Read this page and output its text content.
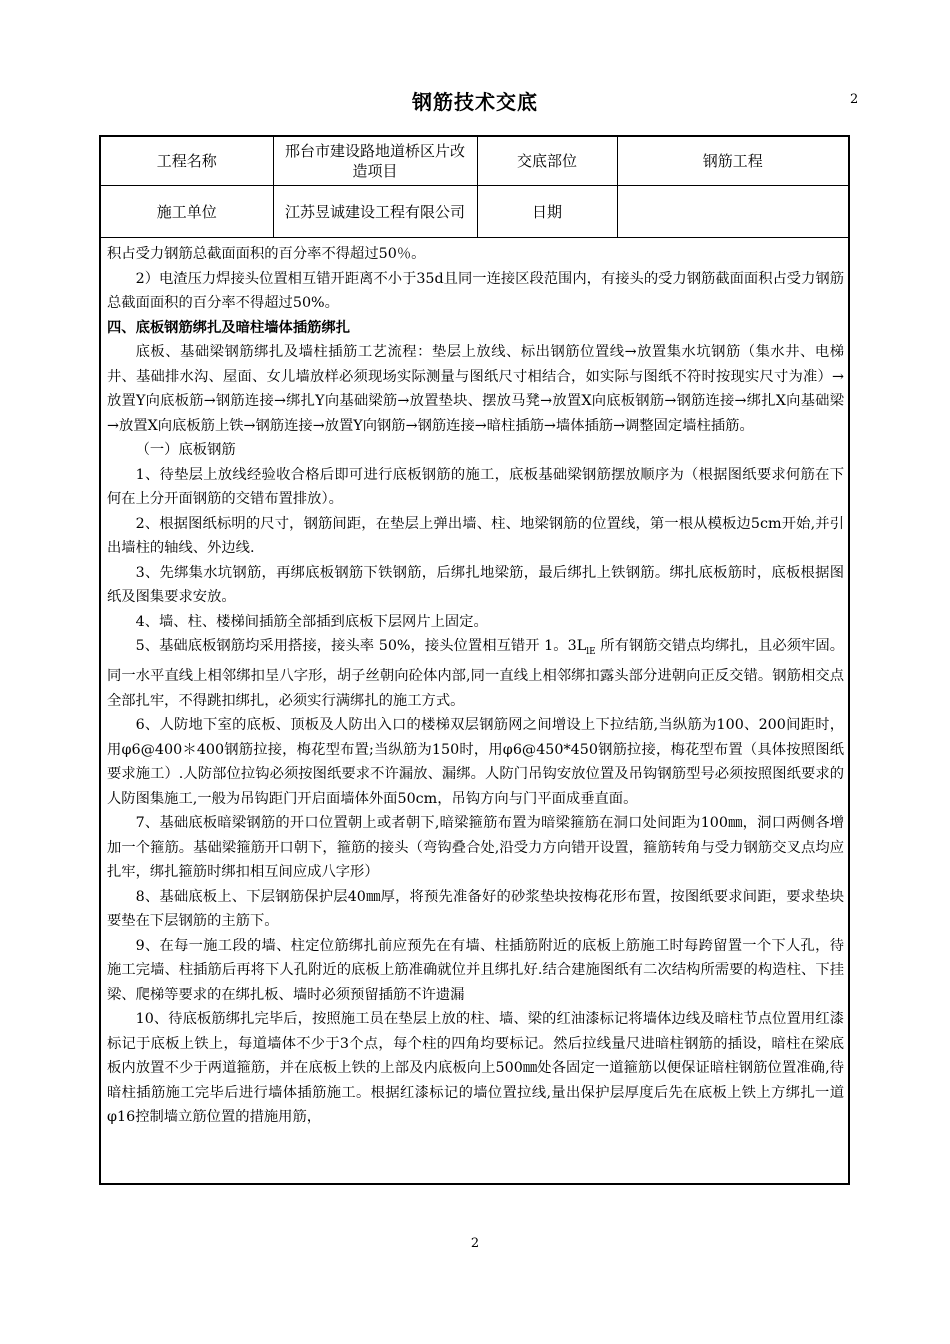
钢筋技术交底	2
工程名称	邢台市建设路地道桥区片改造项目	交底部位	钢筋工程
施工单位	江苏昱诚建设工程有限公司	日期	

积占受力钢筋总截面面积的百分率不得超过50％。

2）电渣压力焊接头位置相互错开距离不小于35d且同一连接区段范围内，有接头的受力钢筋截面面积占受力钢筋总截面面积的百分率不得超过50%。

四、底板钢筋绑扎及暗柱墙体插筋绑扎

底板、基础梁钢筋绑扎及墙柱插筋工艺流程：垫层上放线、标出钢筋位置线→放置集水坑钢筋（集水井、电梯井、基础排水沟、屋面、女儿墙放样必须现场实际测量与图纸尺寸相结合，如实际与图纸不符时按现实尺寸为准）→放置Y向底板筋→钢筋连接→绑扎Y向基础梁筋→放置垫块、摆放马凳→放置X向底板钢筋→钢筋连接→绑扎X向基础梁→放置X向底板筋上铁→钢筋连接→放置Y向钢筋→钢筋连接→暗柱插筋→墙体插筋→调整固定墙柱插筋。

（一）底板钢筋

1、待垫层上放线经验收合格后即可进行底板钢筋的施工，底板基础梁钢筋摆放顺序为（根据图纸要求何筋在下何在上分开面钢筋的交错布置排放）。

2、根据图纸标明的尺寸，钢筋间距，在垫层上弹出墙、柱、地梁钢筋的位置线，第一根从模板边5cm开始,并引出墙柱的轴线、外边线.

3、先绑集水坑钢筋，再绑底板钢筋下铁钢筋，后绑扎地梁筋，最后绑扎上铁钢筋。绑扎底板筋时，底板根据图纸及图集要求安放。

4、墙、柱、楼梯间插筋全部插到底板下层网片上固定。

5、基础底板钢筋均采用搭接，接头率 50%，接头位置相互错开 1。$3L_{lE}$ 所有钢筋交错点均绑扎，且必须牢固。同一水平直线上相邻绑扣呈八字形，胡子丝朝向砼体内部,同一直线上相邻绑扣露头部分进朝向正反交错。钢筋相交点全部扎牢，不得跳扣绑扎，必须实行满绑扎的施工方式。

6、人防地下室的底板、顶板及人防出入口的楼梯双层钢筋网之间增设上下拉结筋,当纵筋为100、200间距时，用φ6@400＊400钢筋拉接，梅花型布置;当纵筋为150时，用φ6@450*450钢筋拉接，梅花型布置（具体按照图纸要求施工）.人防部位拉钩必须按图纸要求不许漏放、漏绑。人防门吊钩安放位置及吊钩钢筋型号必须按照图纸要求的人防图集施工,一般为吊钩距门开启面墙体外面50cm，吊钩方向与门平面成垂直面。

7、基础底板暗梁钢筋的开口位置朝上或者朝下,暗梁箍筋布置为暗梁箍筋在洞口处间距为100㎜，洞口两侧各增加一个箍筋。基础梁箍筋开口朝下，箍筋的接头（弯钩叠合处,沿受力方向错开设置，箍筋转角与受力钢筋交叉点均应扎牢，绑扎箍筋时绑扣相互间应成八字形）

8、基础底板上、下层钢筋保护层40㎜厚，将预先准备好的砂浆垫块按梅花形布置，按图纸要求间距，要求垫块要垫在下层钢筋的主筋下。

9、在每一施工段的墙、柱定位筋绑扎前应预先在有墙、柱插筋附近的底板上筋施工时每跨留置一个下人孔，待施工完墙、柱插筋后再将下人孔附近的底板上筋准确就位并且绑扎好.结合建施图纸有二次结构所需要的构造柱、下挂梁、爬梯等要求的在绑扎板、墙时必须预留插筋不许遗漏

10、待底板筋绑扎完毕后，按照施工员在垫层上放的柱、墙、梁的红油漆标记将墙体边线及暗柱节点位置用红漆标记于底板上铁上，每道墙体不少于3个点，每个柱的四角均要标记。然后拉线量尺进暗柱钢筋的插设，暗柱在梁底板内放置不少于两道箍筋，并在底板上铁的上部及内底板向上500㎜处各固定一道箍筋以便保证暗柱钢筋位置准确,待暗柱插筋施工完毕后进行墙体插筋施工。根据红漆标记的墙位置拉线,量出保护层厚度后先在底板上铁上方绑扎一道φ16控制墙立筋位置的措施用筋，

2
